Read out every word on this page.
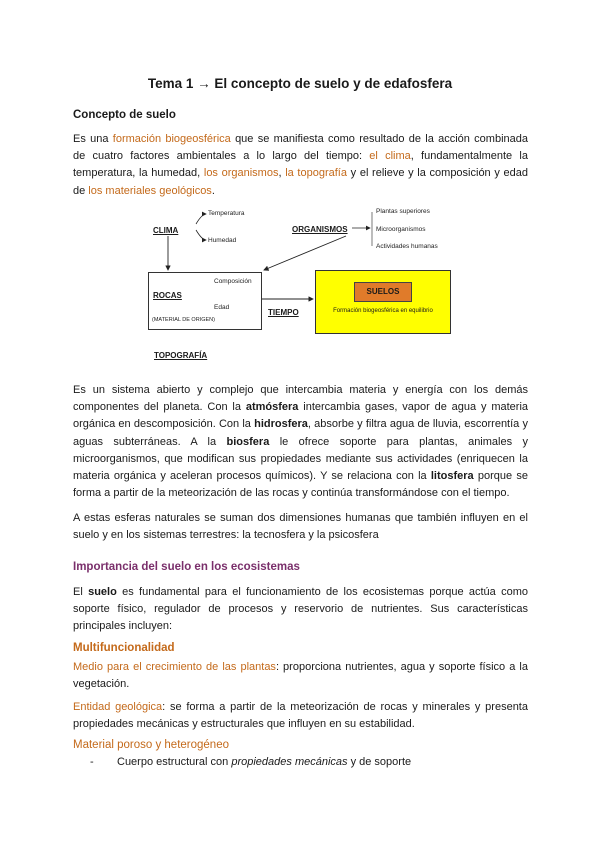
Tema 1 → El concepto de suelo y de edafosfera
Concepto de suelo

Es una formación biogeosférica que se manifiesta como resultado de la acción combinada de cuatro factores ambientales a lo largo del tiempo: el clima, fundamentalmente la temperatura, la humedad, los organismos, la topografía y el relieve y la composición y edad de los materiales geológicos.

CLIMA
Temperatura
Humedad
ORGANISMOS
Plantas superiores
Microorganismos
Actividades humanas
ROCAS
Composición
Edad
(MATERIAL DE ORIGEN)
TIEMPO
SUELOS
Formación biogeosférica en equilibrio
TOPOGRAFÍA

Es un sistema abierto y complejo que intercambia materia y energía con los demás componentes del planeta. Con la atmósfera intercambia gases, vapor de agua y materia orgánica en descomposición. Con la hidrosfera, absorbe y filtra agua de lluvia, escorrentía y aguas subterráneas. A la biosfera le ofrece soporte para plantas, animales y microorganismos, que modifican sus propiedades mediante sus actividades (enriquecen la materia orgánica y aceleran procesos químicos). Y se relaciona con la litosfera porque se forma a partir de la meteorización de las rocas y continúa transformándose con el tiempo.

A estas esferas naturales se suman dos dimensiones humanas que también influyen en el suelo y en los sistemas terrestres: la tecnosfera y la psicosfera

Importancia del suelo en los ecosistemas

El suelo es fundamental para el funcionamiento de los ecosistemas porque actúa como soporte físico, regulador de procesos y reservorio de nutrientes. Sus características principales incluyen:

Multifuncionalidad

Medio para el crecimiento de las plantas: proporciona nutrientes, agua y soporte físico a la vegetación.

Entidad geológica: se forma a partir de la meteorización de rocas y minerales y presenta propiedades mecánicas y estructurales que influyen en su estabilidad.

Material poroso y heterogéneo
- Cuerpo estructural con propiedades mecánicas y de soporte
